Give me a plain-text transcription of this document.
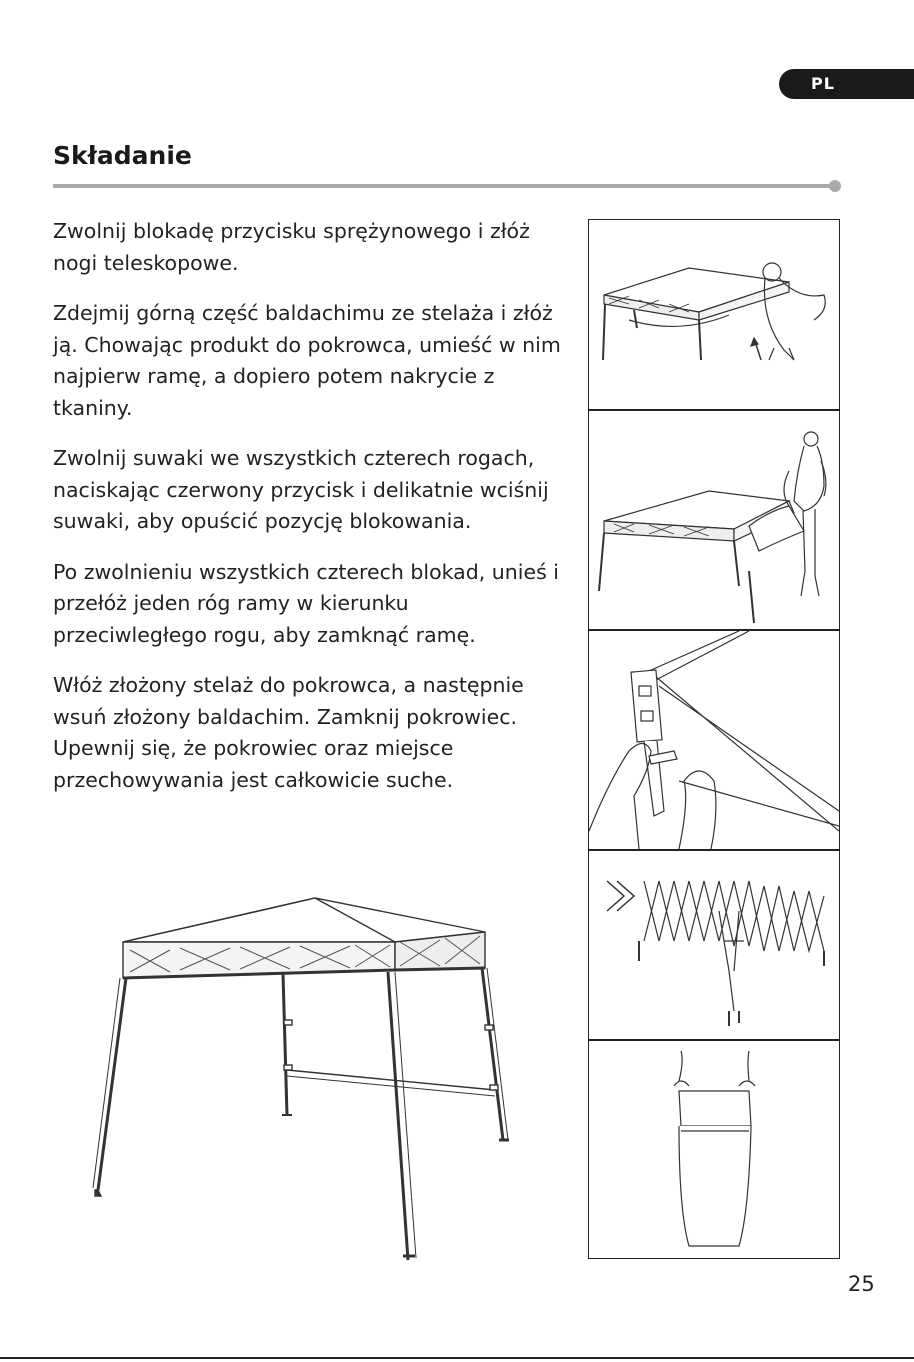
PL
Składanie

Zwolnij blokadę przycisku sprężynowego i złóż nogi teleskopowe.

Zdejmij górną część baldachimu ze stelaża i złóż ją. Chowając produkt do pokrowca, umieść w nim najpierw ramę, a dopiero potem nakrycie z tkaniny.

Zwolnij suwaki we wszystkich czterech rogach, naciskając czerwony przycisk i delikatnie wciśnij suwaki, aby opuścić pozycję blokowania.

Po zwolnieniu wszystkich czterech blokad, unieś i przełóż jeden róg ramy w kierunku przeciwległego rogu, aby zamknąć ramę.

Włóż złożony stelaż do pokrowca, a następnie wsuń złożony baldachim. Zamknij pokrowiec. Upewnij się, że pokrowiec oraz miejsce przechowywania jest całkowicie suche.

25
